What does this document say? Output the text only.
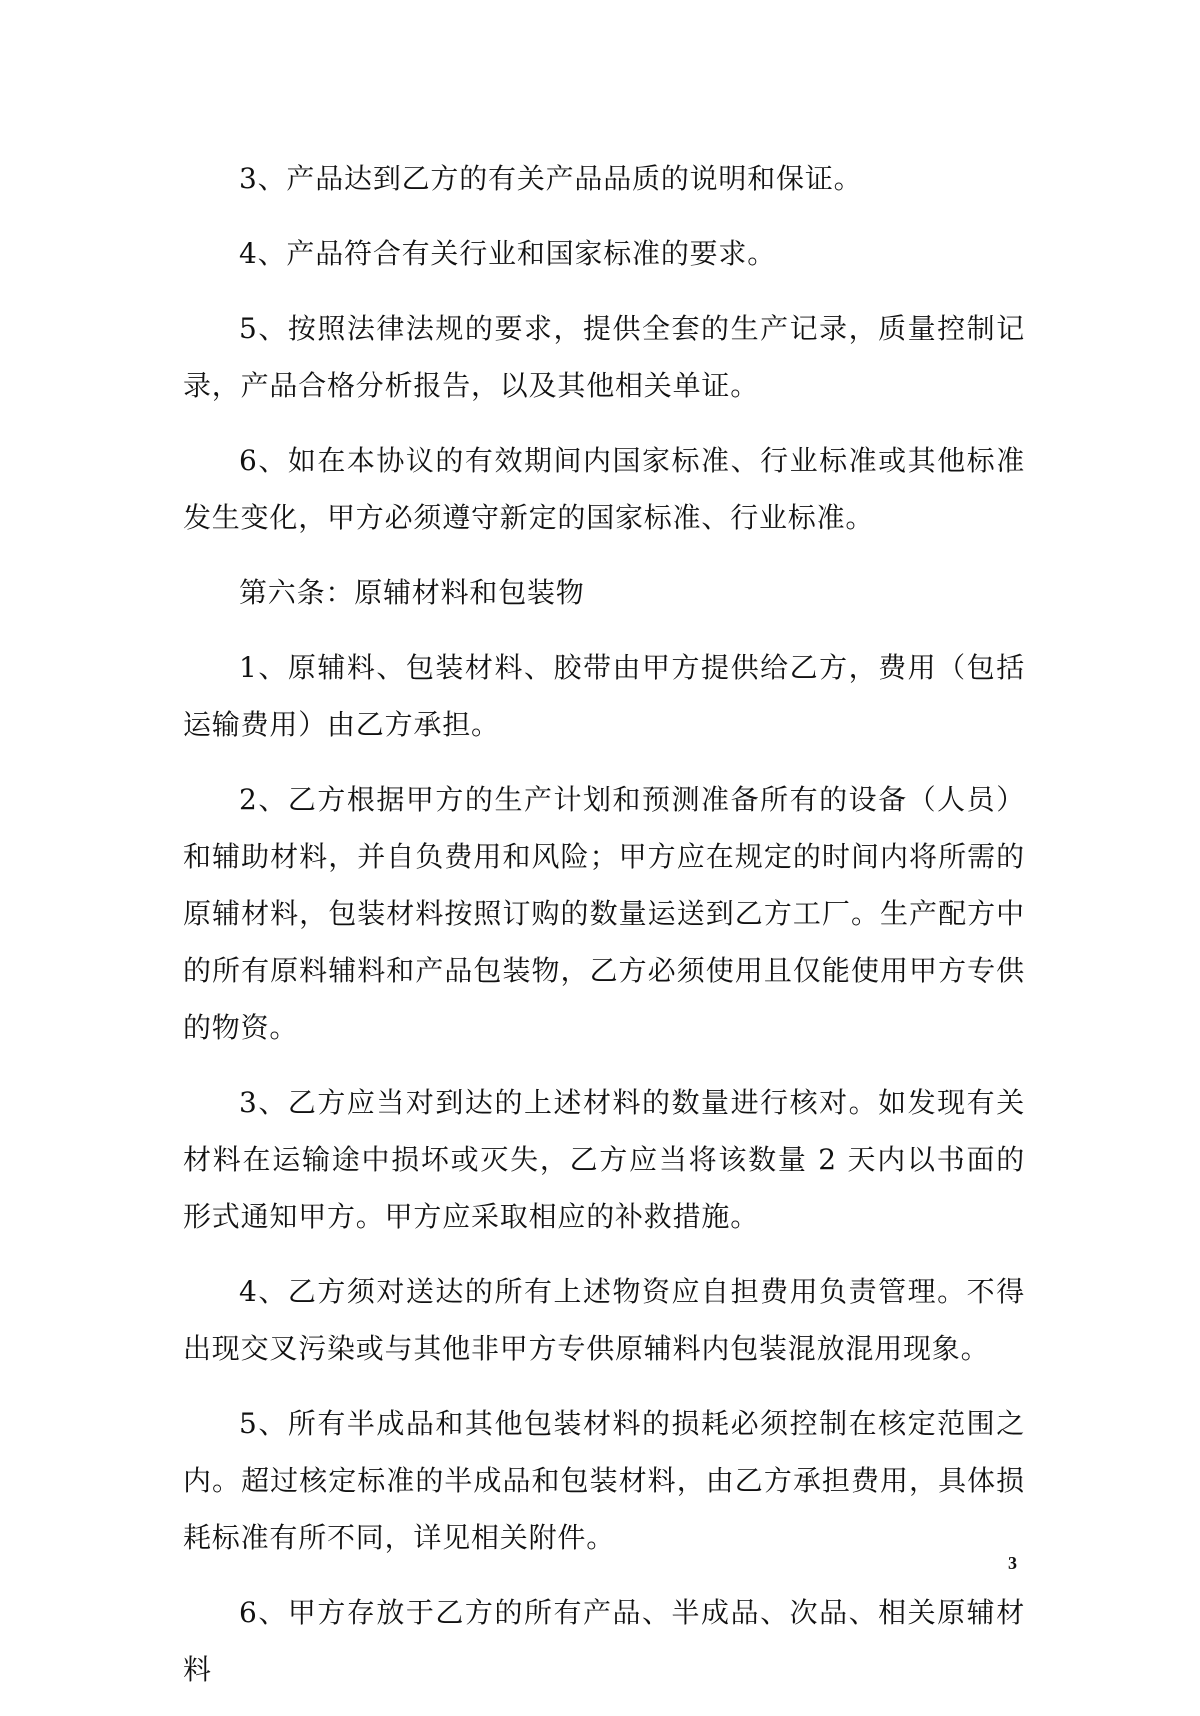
3、产品达到乙方的有关产品品质的说明和保证。

4、产品符合有关行业和国家标准的要求。

5、按照法律法规的要求，提供全套的生产记录，质量控制记录，产品合格分析报告，以及其他相关单证。

6、如在本协议的有效期间内国家标准、行业标准或其他标准发生变化，甲方必须遵守新定的国家标准、行业标准。

第六条：原辅材料和包装物

1、原辅料、包装材料、胶带由甲方提供给乙方，费用（包括运输费用）由乙方承担。

2、乙方根据甲方的生产计划和预测准备所有的设备（人员）和辅助材料，并自负费用和风险；甲方应在规定的时间内将所需的原辅材料，包装材料按照订购的数量运送到乙方工厂。生产配方中的所有原料辅料和产品包装物，乙方必须使用且仅能使用甲方专供的物资。

3、乙方应当对到达的上述材料的数量进行核对。如发现有关材料在运输途中损坏或灭失，乙方应当将该数量 2 天内以书面的形式通知甲方。甲方应采取相应的补救措施。

4、乙方须对送达的所有上述物资应自担费用负责管理。不得出现交叉污染或与其他非甲方专供原辅料内包装混放混用现象。

5、所有半成品和其他包装材料的损耗必须控制在核定范围之内。超过核定标准的半成品和包装材料，由乙方承担费用，具体损耗标准有所不同，详见相关附件。

6、甲方存放于乙方的所有产品、半成品、次品、相关原辅材料

3
